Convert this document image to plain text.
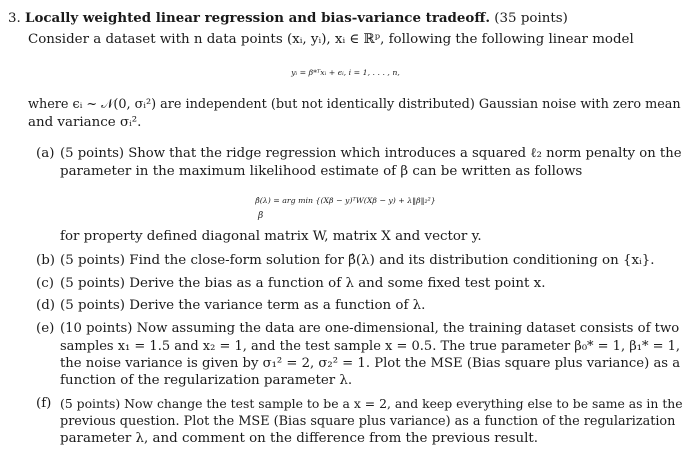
3. Locally weighted linear regression and bias-variance tradeoff. (35 points)
Consider a dataset with n data points (xᵢ, yᵢ), xᵢ ∈ ℝᵖ, following the following linear model
yᵢ = β*ᵀxᵢ + ϵᵢ, i = 1, . . . , n,
where ϵᵢ ~ 𝒩(0, σᵢ²) are independent (but not identically distributed) Gaussian noise with zero mean
and variance σᵢ².
(a) (5 points) Show that the ridge regression which introduces a squared ℓ₂ norm penalty on the
parameter in the maximum likelihood estimate of β can be written as follows
β̂(λ) = arg min {(Xβ − y)ᵀW(Xβ − y) + λ‖β‖₂²}
β
for property defined diagonal matrix W, matrix X and vector y.
(b) (5 points) Find the close-form solution for β̂(λ) and its distribution conditioning on {xᵢ}.
(c) (5 points) Derive the bias as a function of λ and some fixed test point x.
(d) (5 points) Derive the variance term as a function of λ.
(e) (10 points) Now assuming the data are one-dimensional, the training dataset consists of two
samples x₁ = 1.5 and x₂ = 1, and the test sample x = 0.5. The true parameter β₀* = 1, β₁* = 1,
the noise variance is given by σ₁² = 2, σ₂² = 1. Plot the MSE (Bias square plus variance) as a
function of the regularization parameter λ.
(f) (5 points) Now change the test sample to be a x = 2, and keep everything else to be same as in the
previous question. Plot the MSE (Bias square plus variance) as a function of the regularization
parameter λ, and comment on the difference from the previous result.
